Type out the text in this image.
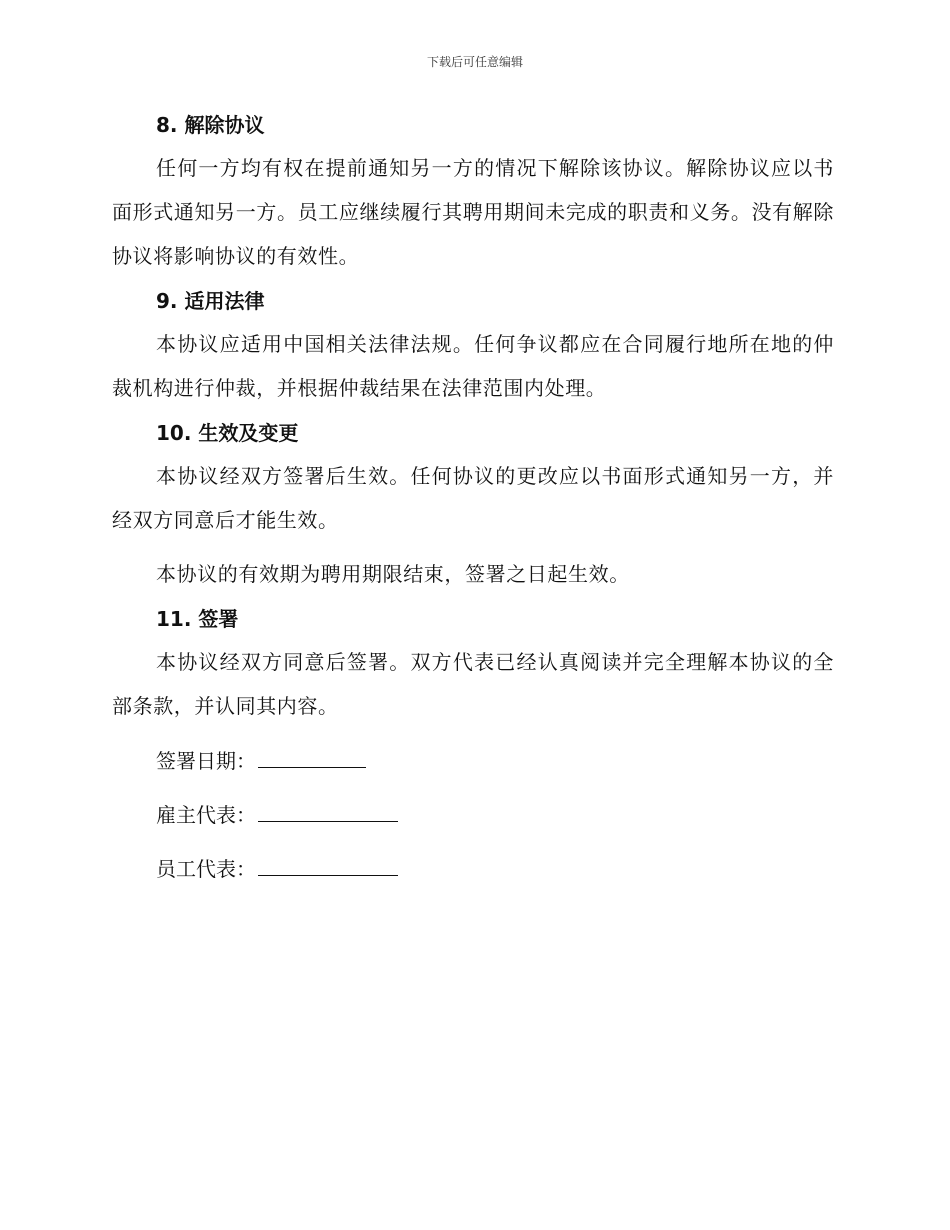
下载后可任意编辑
8. 解除协议

任何一方均有权在提前通知另一方的情况下解除该协议。解除协议应以书面形式通知另一方。员工应继续履行其聘用期间未完成的职责和义务。没有解除协议将影响协议的有效性。

9. 适用法律

本协议应适用中国相关法律法规。任何争议都应在合同履行地所在地的仲裁机构进行仲裁，并根据仲裁结果在法律范围内处理。

10. 生效及变更

本协议经双方签署后生效。任何协议的更改应以书面形式通知另一方，并经双方同意后才能生效。

本协议的有效期为聘用期限结束，签署之日起生效。

11. 签署

本协议经双方同意后签署。双方代表已经认真阅读并完全理解本协议的全部条款，并认同其内容。

签署日期：
雇主代表：
员工代表：
